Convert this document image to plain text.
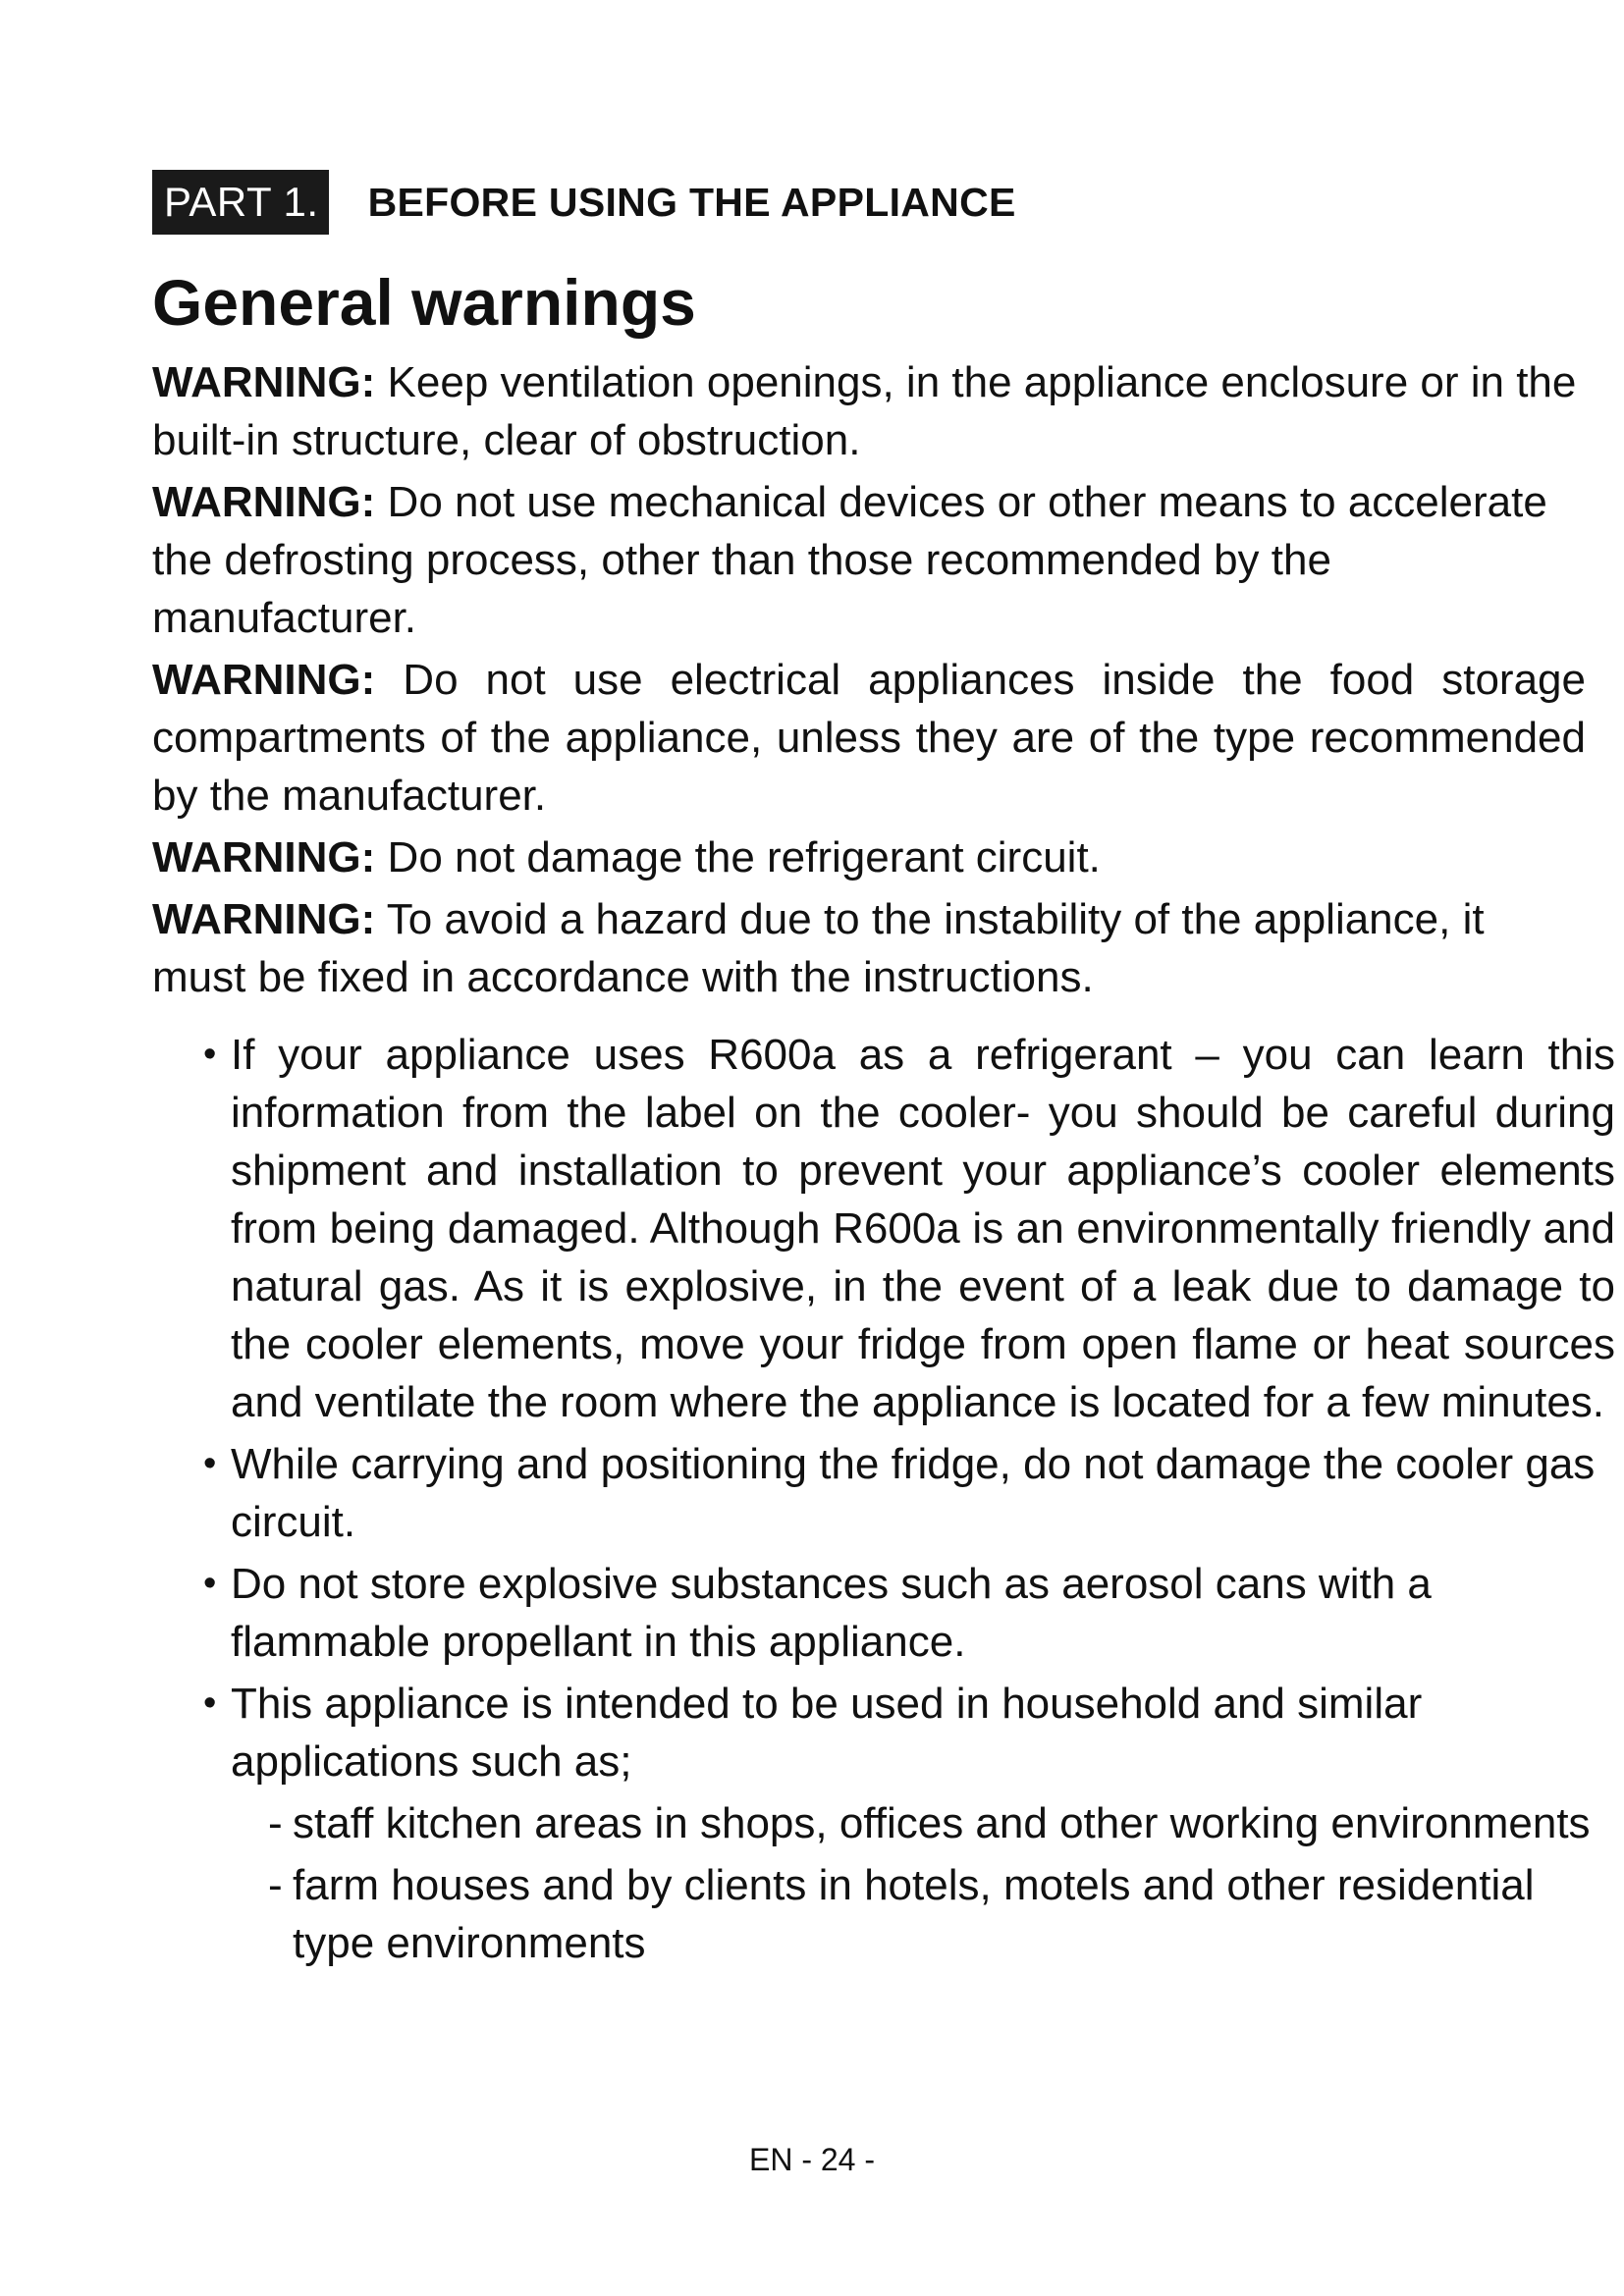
PART 1. BEFORE USING THE APPLIANCE
General warnings

WARNING: Keep ventilation openings, in the appliance enclosure or in the built-in structure, clear of obstruction.

WARNING: Do not use mechanical devices or other means to accelerate the defrosting process, other than those recommended by the manufacturer.

WARNING: Do not use electrical appliances inside the food storage compartments of the appliance, unless they are of the type recommended by the manufacturer.

WARNING: Do not damage the refrigerant circuit.

WARNING: To avoid a hazard due to the instability of the appliance, it must be fixed in accordance with the instructions.

• If your appliance uses R600a as a refrigerant – you can learn this information from the label on the cooler- you should be careful during shipment and installation to prevent your appliance’s cooler elements from being damaged. Although R600a is an environmentally friendly and natural gas. As it is explosive, in the event of a leak due to damage to the cooler elements, move your fridge from open flame or heat sources and ventilate the room where the appliance is located for a few minutes.
• While carrying and positioning the fridge, do not damage the cooler gas circuit.
• Do not store explosive substances such as aerosol cans with a flammable propellant in this appliance.
• This appliance is intended to be used in household and similar applications such as;
- staff kitchen areas in shops, offices and other working environments
- farm houses and by clients in hotels, motels and other residential type environments
EN - 24 -
